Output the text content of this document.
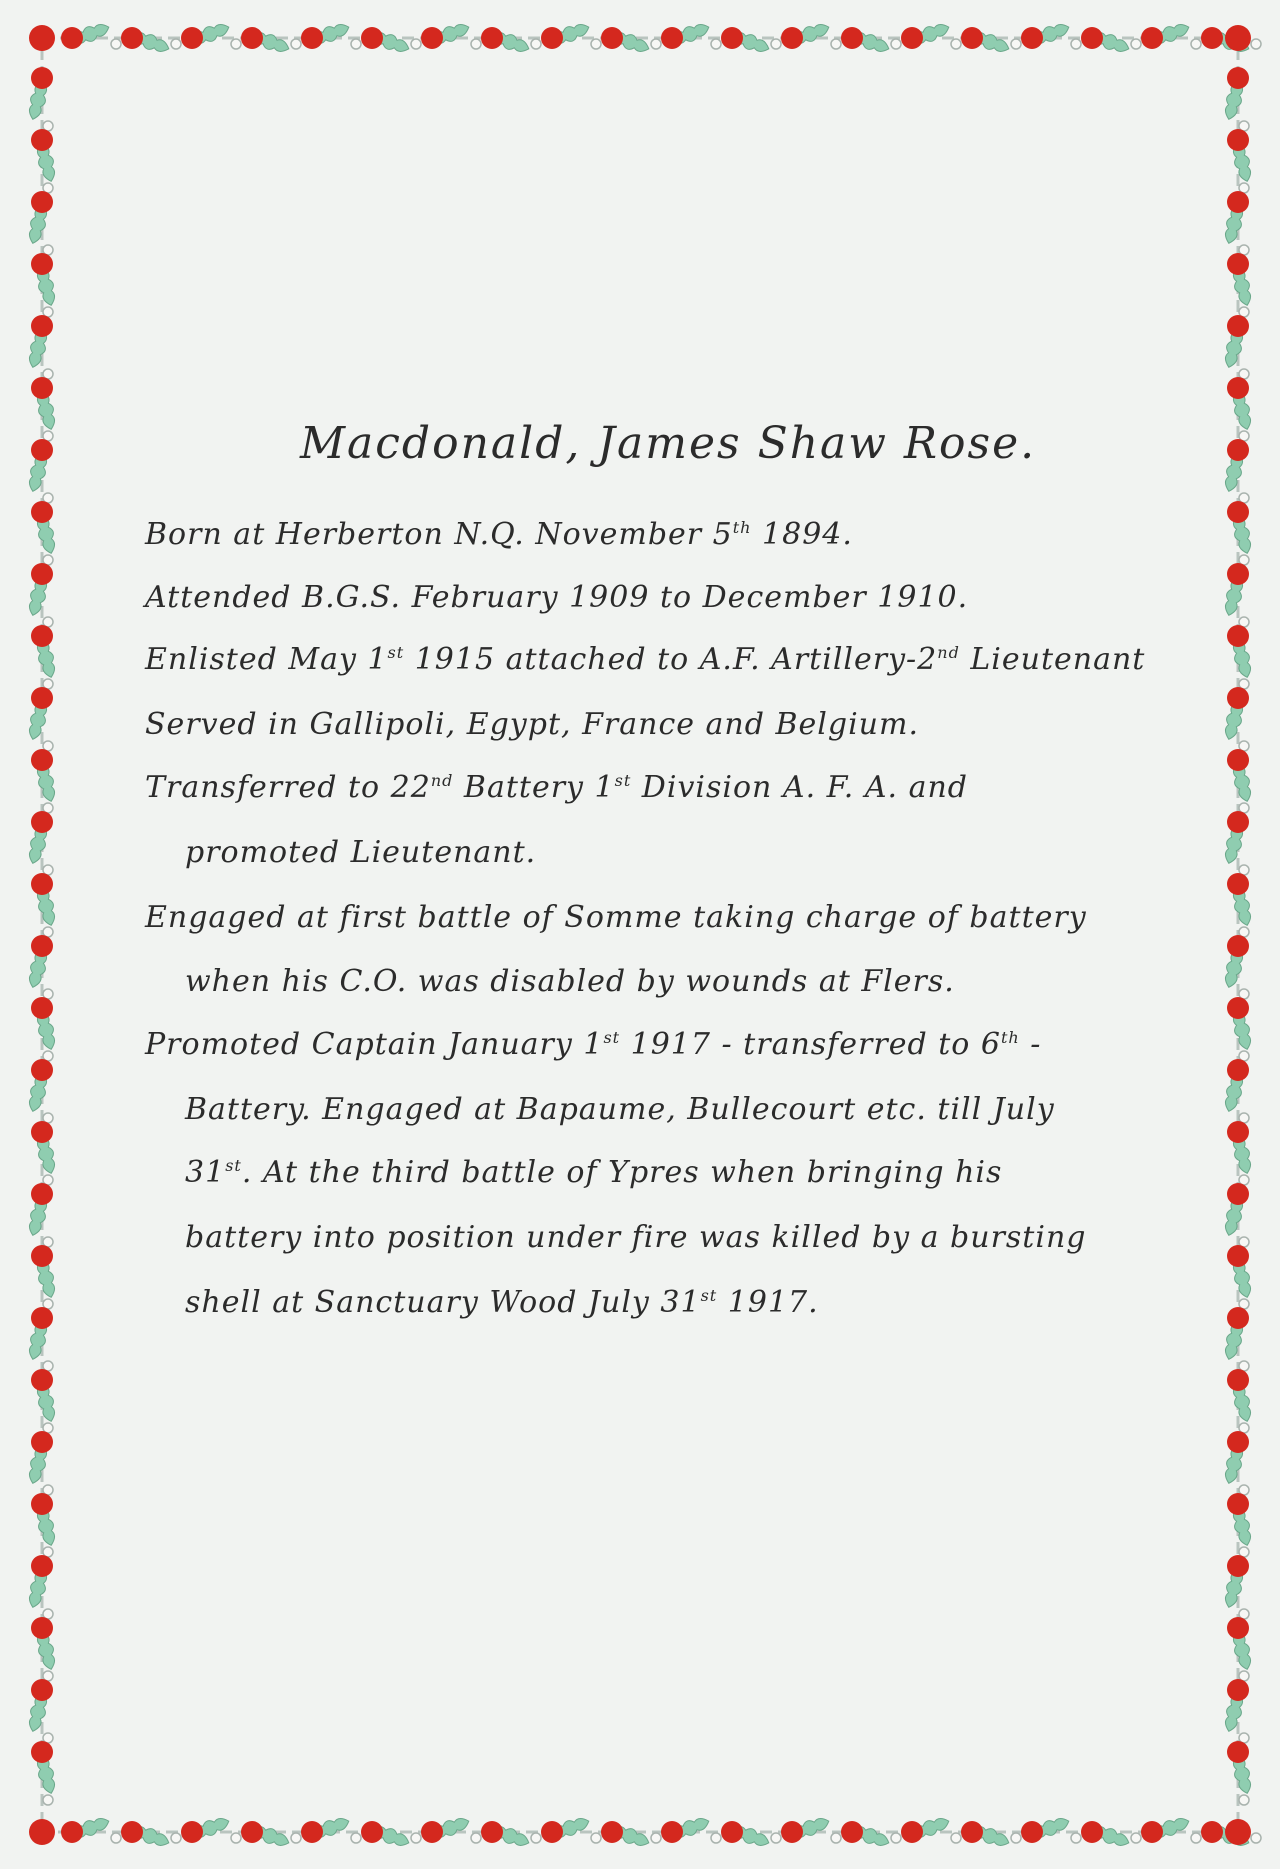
Macdonald, James Shaw Rose.
Born at Herberton N.Q. November 5th 1894.
Attended B.G.S. February 1909 to December 1910.
Enlisted May 1st 1915 attached to A.F. Artillery-2nd Lieutenant
Served in Gallipoli, Egypt, France and Belgium.
Transferred to 22nd Battery 1st Division A. F. A. and
promoted Lieutenant.
Engaged at first battle of Somme taking charge of battery
when his C.O. was disabled by wounds at Flers.
Promoted Captain January 1st 1917 - transferred to 6th -
Battery. Engaged at Bapaume, Bullecourt etc. till July
31st. At the third battle of Ypres when bringing his
battery into position under fire was killed by a bursting
shell at Sanctuary Wood July 31st 1917.
